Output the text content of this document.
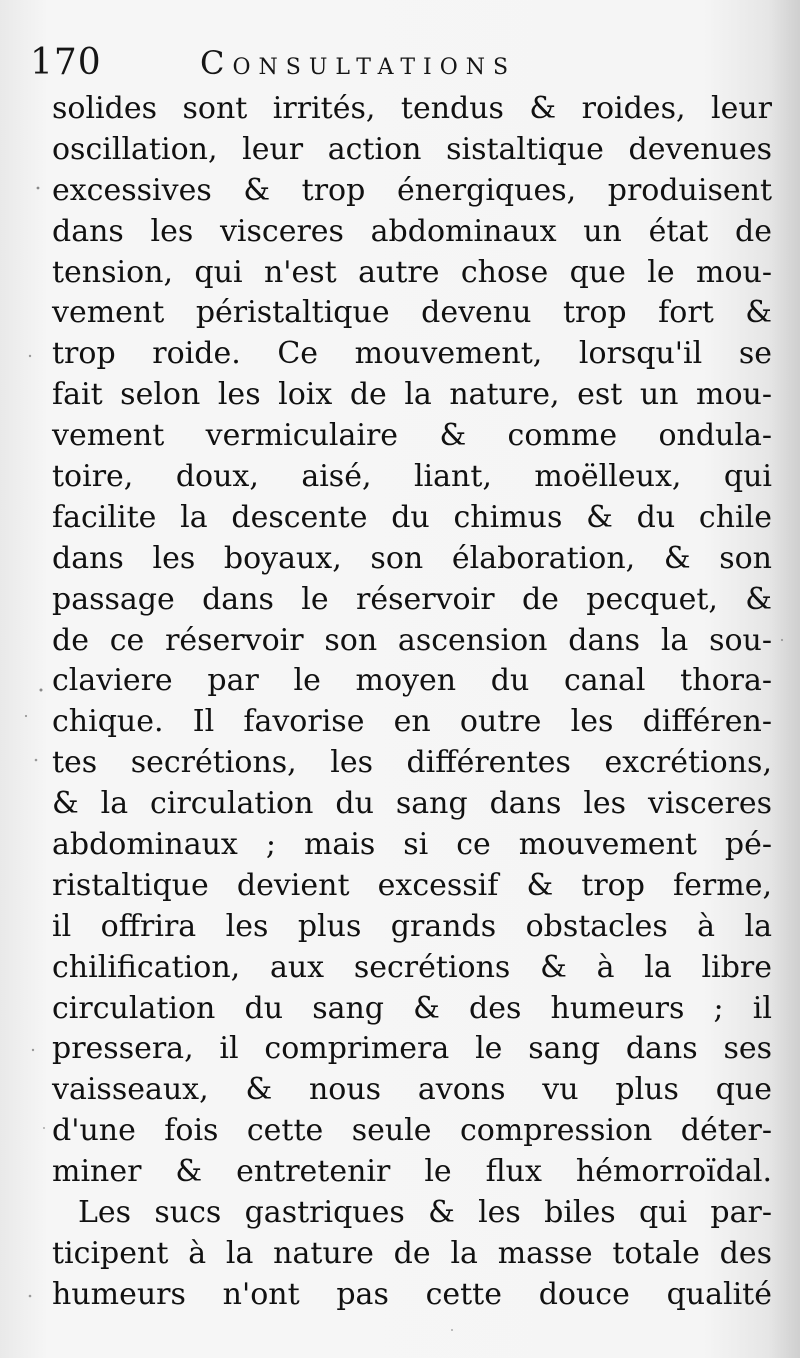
170	Consultations
solides sont irrités, tendus & roides, leur
oscillation, leur action sistaltique devenues
excessives & trop énergiques, produisent
dans les visceres abdominaux un état de
tension, qui n'est autre chose que le mou-
vement péristaltique devenu trop fort &
trop roide. Ce mouvement, lorsqu'il se
fait selon les loix de la nature, est un mou-
vement vermiculaire & comme ondula-
toire, doux, aisé, liant, moëlleux, qui
facilite la descente du chimus & du chile
dans les boyaux, son élaboration, & son
passage dans le réservoir de pecquet, &
de ce réservoir son ascension dans la sou-
claviere par le moyen du canal thora-
chique. Il favorise en outre les différen-
tes secrétions, les différentes excrétions,
& la circulation du sang dans les visceres
abdominaux ; mais si ce mouvement pé-
ristaltique devient excessif & trop ferme,
il offrira les plus grands obstacles à la
chilification, aux secrétions & à la libre
circulation du sang & des humeurs ; il
pressera, il comprimera le sang dans ses
vaisseaux, & nous avons vu plus que
d'une fois cette seule compression déter-
miner & entretenir le flux hémorroïdal.
Les sucs gastriques & les biles qui par-
ticipent à la nature de la masse totale des
humeurs n'ont pas cette douce qualité
